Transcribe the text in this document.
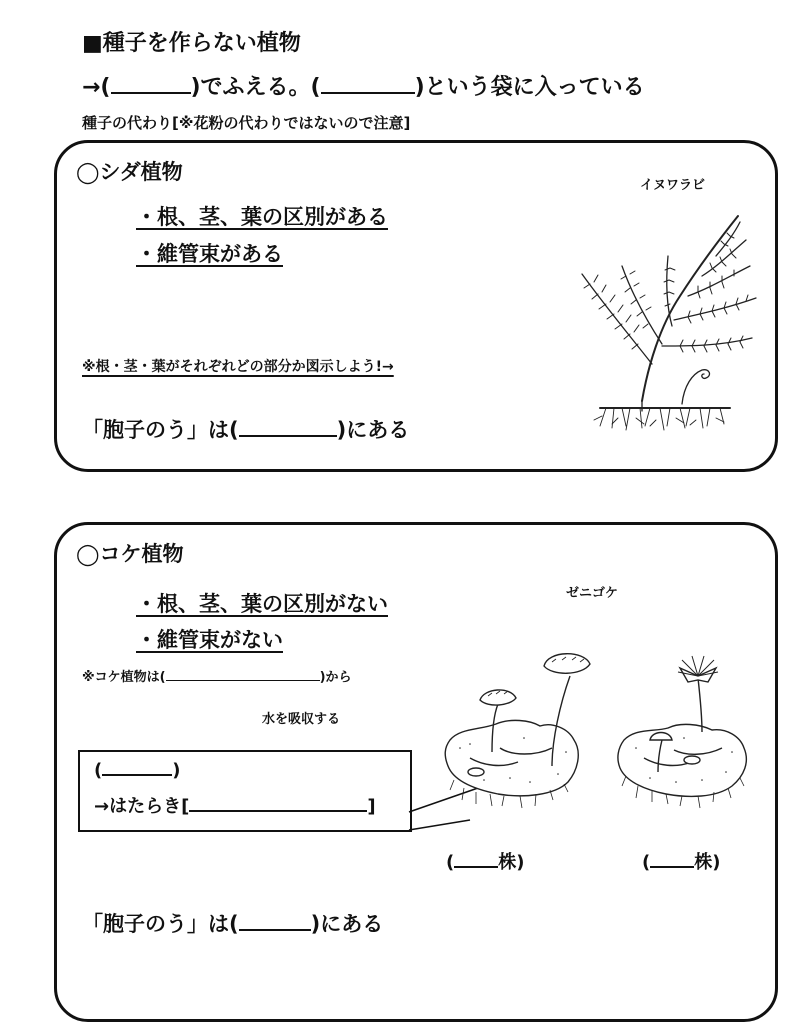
■種子を作らない植物
→(	)でふえる。(	)という袋に入っている
種子の代わり[※花粉の代わりではないので注意]
◯シダ植物
・根、茎、葉の区別がある
・維管束がある
※根・茎・葉がそれぞれどの部分か図示しよう!→
「胞子のう」は(	)にある
イヌワラビ
◯コケ植物
・根、茎、葉の区別がない
・維管束がない
ゼニゴケ
※コケ植物は(	)から
水を吸収する
(	)
→はたらき[	]
( 株)	( 株)
「胞子のう」は(	)にある
